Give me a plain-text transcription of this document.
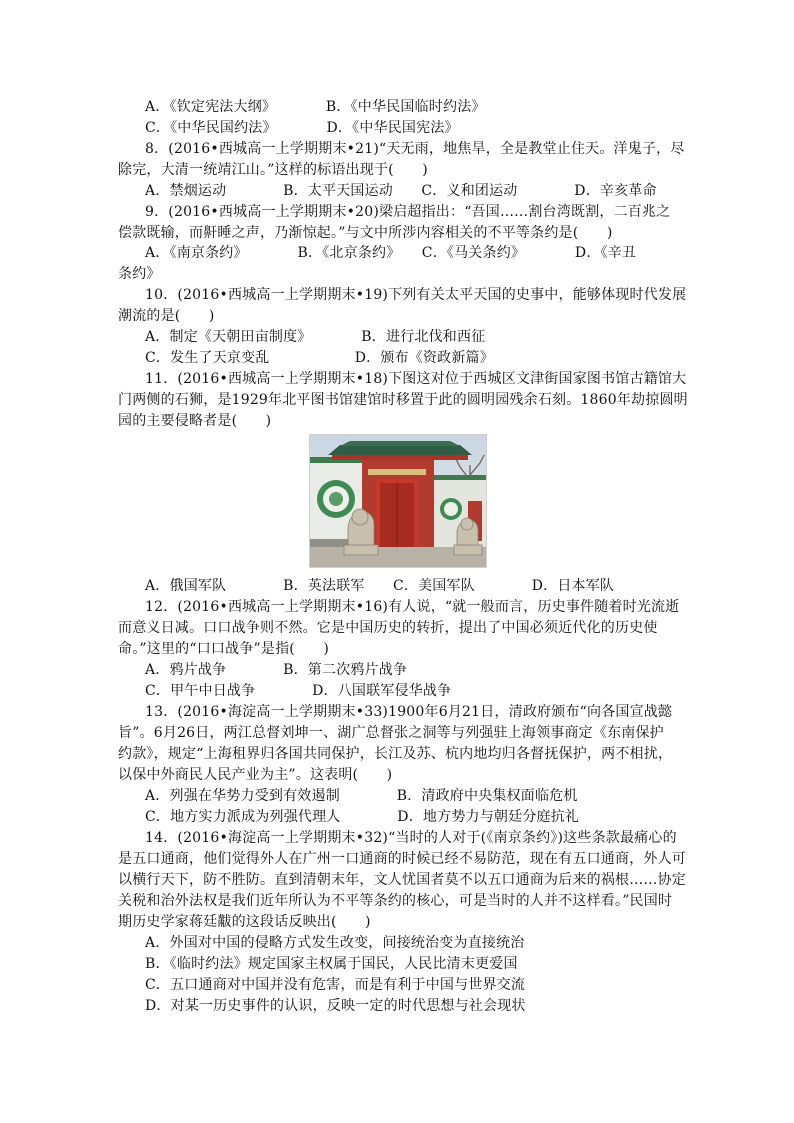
A．《钦定宪法大纲》　　　　B．《中华民国临时约法》
C．《中华民国约法》　　　　D．《中华民国宪法》
8．(2016•西城高一上学期期末•21)“天无雨，地焦旱，全是教堂止住天。洋鬼子，尽
除完，大清一统靖江山。”这样的标语出现于(　　)
A．禁烟运动　　　　B．太平天国运动　　C．义和团运动　　　　D．辛亥革命
9．(2016•西城高一上学期期末•20)梁启超指出：“吾国……割台湾既割，二百兆之
偿款既输，而鼾睡之声，乃渐惊起。”与文中所涉内容相关的不平等条约是(　　)
A．《南京条约》　　　　B．《北京条约》　　C．《马关条约》　　　　D．《辛丑
条约》
10．(2016•西城高一上学期期末•19)下列有关太平天国的史事中，能够体现时代发展
潮流的是(　　)
A．制定《天朝田亩制度》　　　　B．进行北伐和西征
C．发生了天京变乱　　　　　　D．颁布《资政新篇》
11．(2016•西城高一上学期期末•18)下图这对位于西城区文津街国家图书馆古籍馆大
门两侧的石狮，是1929年北平图书馆建馆时移置于此的圆明园残余石刻。1860年劫掠圆明
园的主要侵略者是(　　)
A．俄国军队　　　　B．英法联军　　C．美国军队　　　　D．日本军队
12．(2016•西城高一上学期期末•16)有人说，“就一般而言，历史事件随着时光流逝
而意义日减。口口战争则不然。它是中国历史的转折，提出了中国必须近代化的历史使
命。”这里的“口口战争”是指(　　)
A．鸦片战争　　　　B．第二次鸦片战争
C．甲午中日战争　　　　D．八国联军侵华战争
13．(2016•海淀高一上学期期末•33)1900年6月21日，清政府颁布“向各国宣战懿
旨”。6月26日，两江总督刘坤一、湖广总督张之洞等与列强驻上海领事商定《东南保护
约款》，规定“上海租界归各国共同保护，长江及苏、杭内地均归各督抚保护，两不相扰，
以保中外商民人民产业为主”。这表明(　　)
A．列强在华势力受到有效遏制　　　　B．清政府中央集权面临危机
C．地方实力派成为列强代理人　　　　D．地方势力与朝廷分庭抗礼
14．(2016•海淀高一上学期期末•32)“当时的人对于(《南京条约》)这些条款最痛心的
是五口通商，他们觉得外人在广州一口通商的时候已经不易防范，现在有五口通商，外人可
以横行天下，防不胜防。直到清朝末年，文人忧国者莫不以五口通商为后来的祸根……协定
关税和治外法权是我们近年所认为不平等条约的核心，可是当时的人并不这样看。”民国时
期历史学家蒋廷黻的这段话反映出(　　)
A．外国对中国的侵略方式发生改变，间接统治变为直接统治
B．《临时约法》规定国家主权属于国民，人民比清末更爱国
C．五口通商对中国并没有危害，而是有利于中国与世界交流
D．对某一历史事件的认识，反映一定的时代思想与社会现状
